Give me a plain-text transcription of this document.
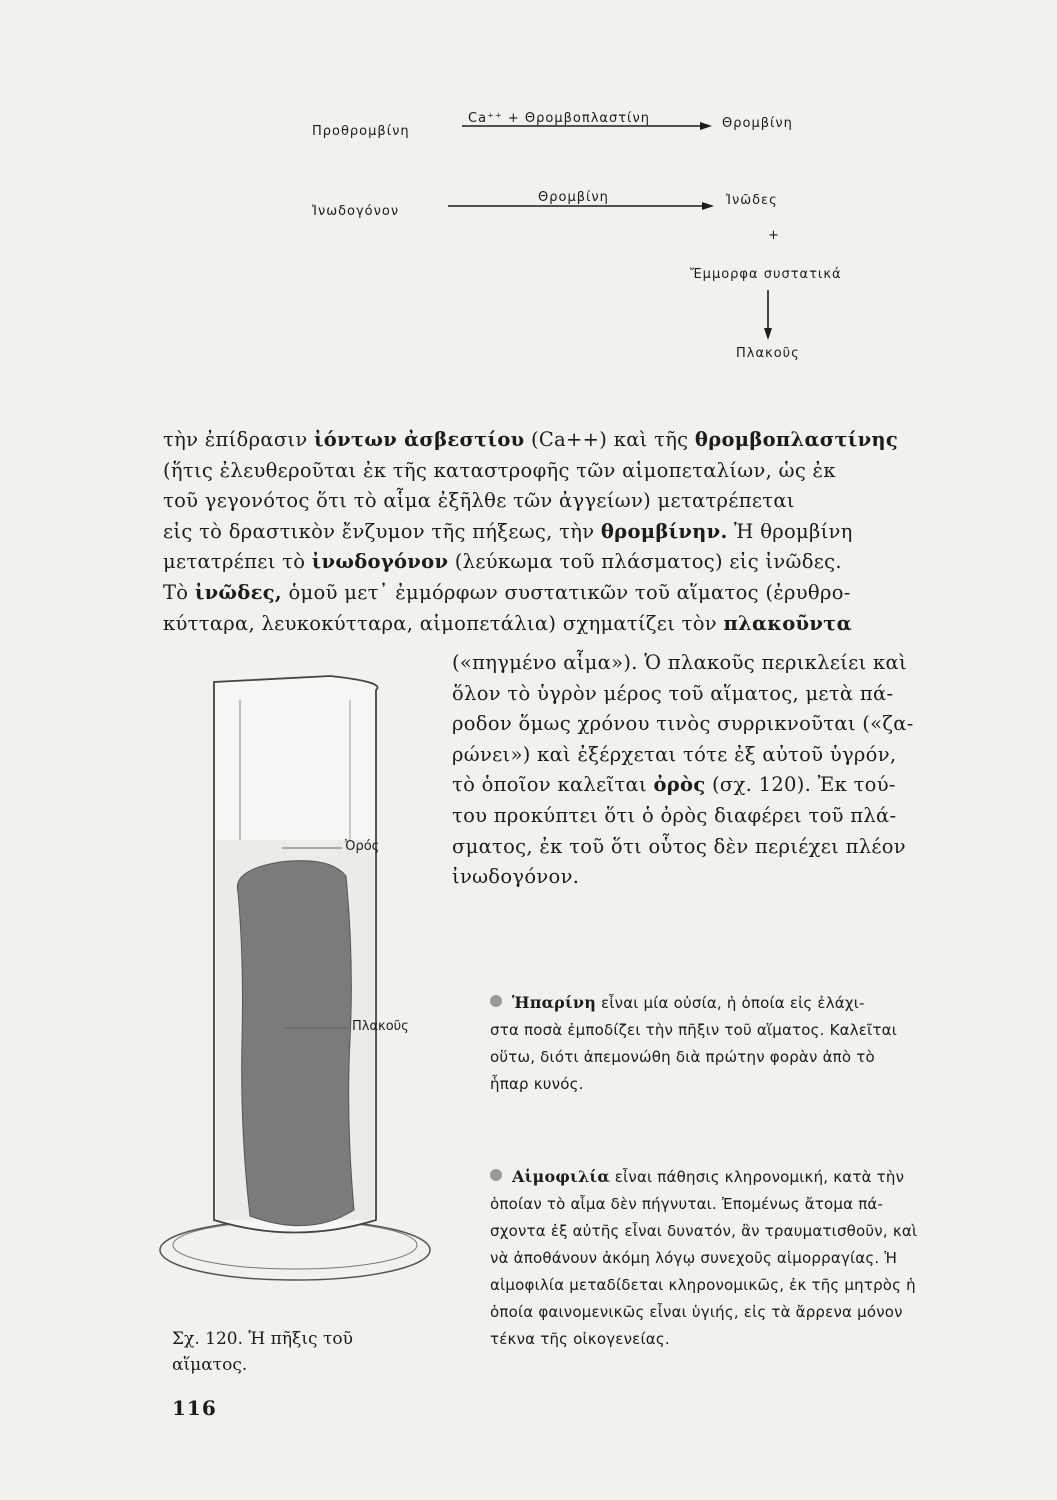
Προθρομβίνη
Ca⁺⁺ + Θρομβοπλαστίνη	Θρομβίνη
Ἰνωδογόνον
Θρομβίνη	Ἰνῶδες
+
Ἔμμορφα συστατικά
Πλακοῦς
τὴν ἐπίδρασιν ἰόντων ἀσβεστίου (Ca++) καὶ τῆς θρομβοπλαστίνης
(ἥτις ἐλευθεροῦται ἐκ τῆς καταστροφῆς τῶν αἱμοπεταλίων, ὡς ἐκ
τοῦ γεγονότος ὅτι τὸ αἷμα ἐξῆλθε τῶν ἀγγείων) μετατρέπεται
εἰς τὸ δραστικὸν ἔνζυμον τῆς πήξεως, τὴν θρομβίνην. Ἡ θρομβίνη
μετατρέπει τὸ ἰνωδογόνον (λεύκωμα τοῦ πλάσματος) εἰς ἰνῶδες.
Τὸ ἰνῶδες, ὁμοῦ μετ᾽ ἐμμόρφων συστατικῶν τοῦ αἵματος (ἐρυθρο-
κύτταρα, λευκοκύτταρα, αἱμοπετάλια) σχηματίζει τὸν πλακοῦντα
(«πηγμένο αἷμα»). Ὁ πλακοῦς περικλείει καὶ
ὅλον τὸ ὑγρὸν μέρος τοῦ αἵματος, μετὰ πά-
ροδον ὅμως χρόνου τινὸς συρρικνοῦται («ζα-
ρώνει») καὶ ἐξέρχεται τότε ἐξ αὐτοῦ ὑγρόν,
τὸ ὁποῖον καλεῖται ὀρὸς (σχ. 120). Ἐκ τού-
του προκύπτει ὅτι ὁ ὀρὸς διαφέρει τοῦ πλά-
σματος, ἐκ τοῦ ὅτι οὗτος δὲν περιέχει πλέον
ἰνωδογόνον.
Ὀρός
Πλακοῦς
Σχ. 120. Ἡ πῆξις τοῦ
αἵματος.
Ἡπαρίνη εἶναι μία οὐσία, ἡ ὁποία εἰς ἐλάχι-
στα ποσὰ ἐμποδίζει τὴν πῆξιν τοῦ αἵματος. Καλεῖται
οὕτω, διότι ἀπεμονώθη διὰ πρώτην φορὰν ἀπὸ τὸ
ἧπαρ κυνός.
Αἱμοφιλία εἶναι πάθησις κληρονομική, κατὰ τὴν
ὁποίαν τὸ αἷμα δὲν πήγνυται. Ἐπομένως ἄτομα πά-
σχοντα ἐξ αὐτῆς εἶναι δυνατόν, ἂν τραυματισθοῦν, καὶ
νὰ ἀποθάνουν ἀκόμη λόγῳ συνεχοῦς αἱμορραγίας. Ἡ
αἱμοφιλία μεταδίδεται κληρονομικῶς, ἐκ τῆς μητρὸς ἡ
ὁποία φαινομενικῶς εἶναι ὑγιής, εἰς τὰ ἄρρενα μόνον
τέκνα τῆς οἰκογενείας.
116
